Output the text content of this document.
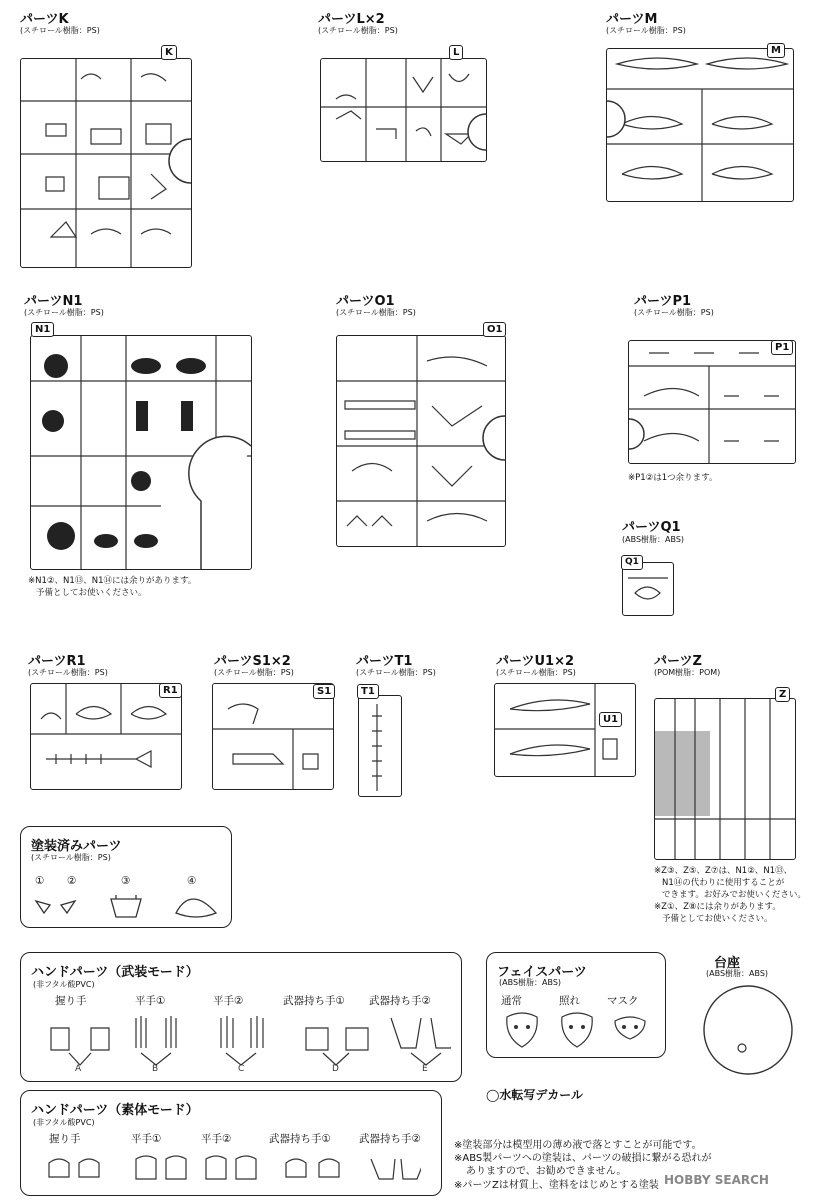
パーツK
(スチロール樹脂：PS)
K
パーツL×2
(スチロール樹脂：PS)
L
パーツM
(スチロール樹脂：PS)
M
パーツN1
(スチロール樹脂：PS)
N1
※N1②、N1⑬、N1⑭には余りがあります。
予備としてお使いください。
パーツO1
(スチロール樹脂：PS)
O1
パーツP1
(スチロール樹脂：PS)
P1
※P1②は1つ余ります。
パーツQ1
(ABS樹脂：ABS)
Q1
パーツR1
(スチロール樹脂：PS)
R1
パーツS1×2
(スチロール樹脂：PS)
S1
パーツT1
(スチロール樹脂：PS)
T1
パーツU1×2
(スチロール樹脂：PS)
U1
パーツZ
(POM樹脂：POM)
Z
※Z③、Z⑤、Z⑦は、N1②、N1⑬、
N1⑭の代わりに使用することが
できます。お好みでお使いください。
※Z①、Z⑧には余りがあります。
予備としてお使いください。
塗装済みパーツ
(スチロール樹脂：PS)
① ②	③	④
ハンドパーツ（武装モード）
(非フタル酸PVC)
握り手	平手①	平手②	武器持ち手① 武器持ち手②
A	B	C	D	E
フェイスパーツ
(ABS樹脂：ABS)
通常	照れ	マスク
台座
(ABS樹脂：ABS)
◯水転写デカール
ハンドパーツ（素体モード）
(非フタル酸PVC)
握り手	平手①	平手②	武器持ち手①	武器持ち手②
※塗装部分は模型用の薄め液で落とすことが可能です。
※ABS製パーツへの塗装は、パーツの破損に繋がる恐れが
ありますので、お勧めできません。
※パーツZは材質上、塗料をはじめとする塗装 HOBBY SEARCH
